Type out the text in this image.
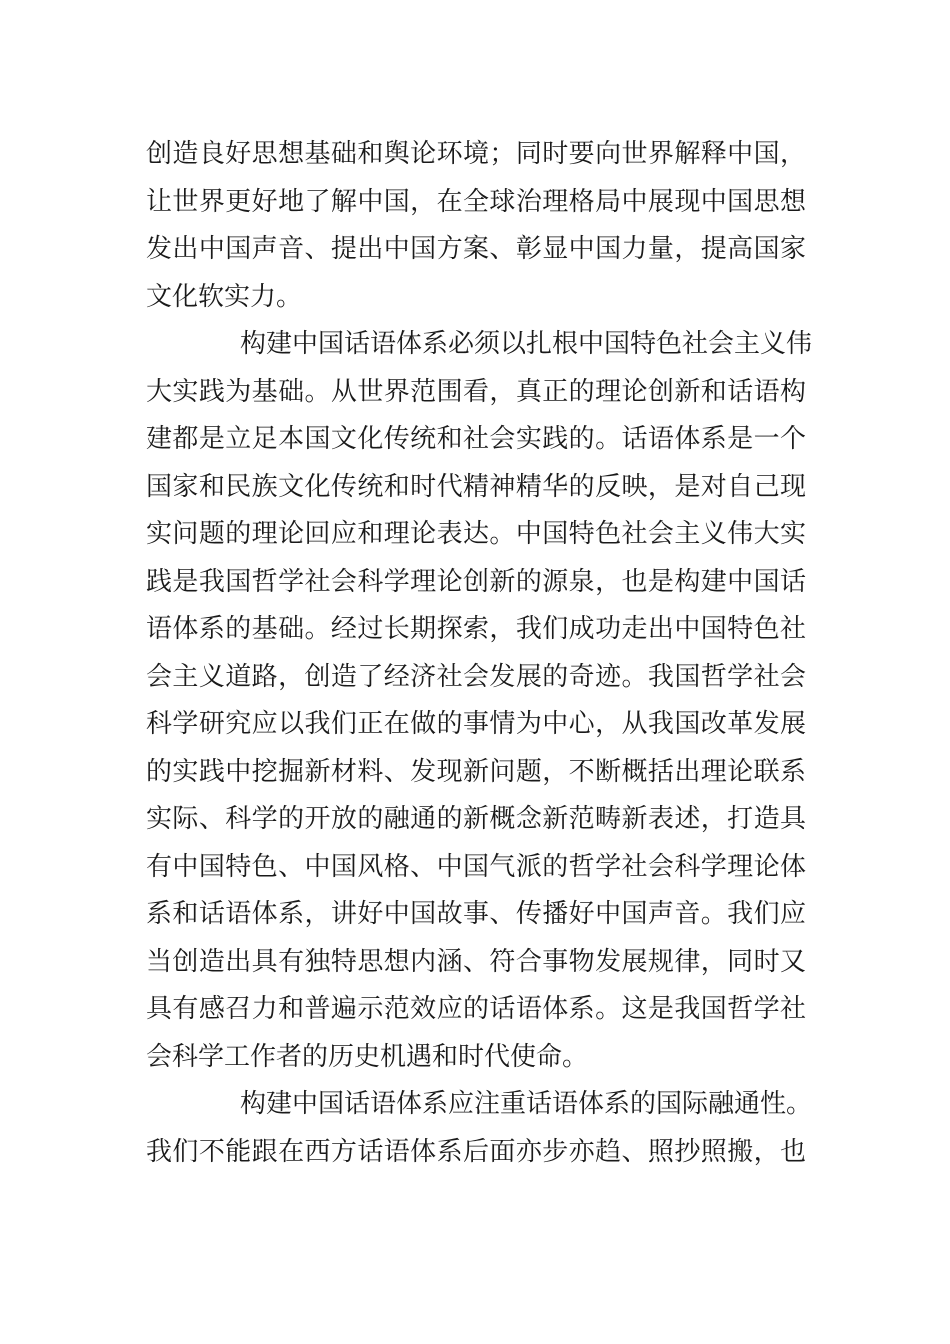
创造良好思想基础和舆论环境；同时要向世界解释中国，
让世界更好地了解中国，在全球治理格局中展现中国思想
发出中国声音、提出中国方案、彰显中国力量，提高国家
文化软实力。
构建中国话语体系必须以扎根中国特色社会主义伟
大实践为基础。从世界范围看，真正的理论创新和话语构
建都是立足本国文化传统和社会实践的。话语体系是一个
国家和民族文化传统和时代精神精华的反映，是对自己现
实问题的理论回应和理论表达。中国特色社会主义伟大实
践是我国哲学社会科学理论创新的源泉，也是构建中国话
语体系的基础。经过长期探索，我们成功走出中国特色社
会主义道路，创造了经济社会发展的奇迹。我国哲学社会
科学研究应以我们正在做的事情为中心，从我国改革发展
的实践中挖掘新材料、发现新问题，不断概括出理论联系
实际、科学的开放的融通的新概念新范畴新表述，打造具
有中国特色、中国风格、中国气派的哲学社会科学理论体
系和话语体系，讲好中国故事、传播好中国声音。我们应
当创造出具有独特思想内涵、符合事物发展规律，同时又
具有感召力和普遍示范效应的话语体系。这是我国哲学社
会科学工作者的历史机遇和时代使命。
构建中国话语体系应注重话语体系的国际融通性。
我们不能跟在西方话语体系后面亦步亦趋、照抄照搬，也
